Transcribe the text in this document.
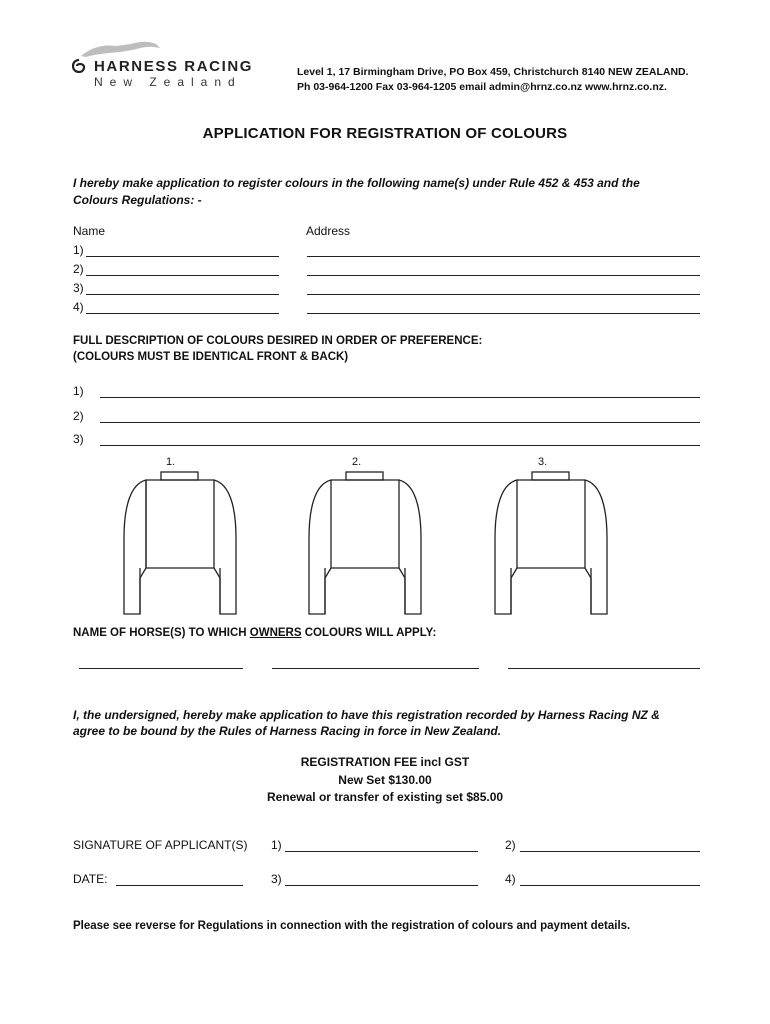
HARNESS RACING
New Zealand
Level 1, 17 Birmingham Drive, PO Box 459, Christchurch 8140 NEW ZEALAND.
Ph 03-964-1200 Fax 03-964-1205 email admin@hrnz.co.nz www.hrnz.co.nz.
APPLICATION FOR REGISTRATION OF COLOURS
I hereby make application to register colours in the following name(s) under Rule 452 & 453 and the
Colours Regulations: -
Name	Address
1)
2)
3)
4)
FULL DESCRIPTION OF COLOURS DESIRED IN ORDER OF PREFERENCE:
(COLOURS MUST BE IDENTICAL FRONT & BACK)
1)
2)
3)
1.	2.	3.
NAME OF HORSE(S) TO WHICH OWNERS COLOURS WILL APPLY:
I, the undersigned, hereby make application to have this registration recorded by Harness Racing NZ &
agree to be bound by the Rules of Harness Racing in force in New Zealand.
REGISTRATION FEE incl GST
New Set $130.00
Renewal or transfer of existing set $85.00
SIGNATURE OF APPLICANT(S) 1)	2)
DATE:	3)	4)
Please see reverse for Regulations in connection with the registration of colours and payment details.
